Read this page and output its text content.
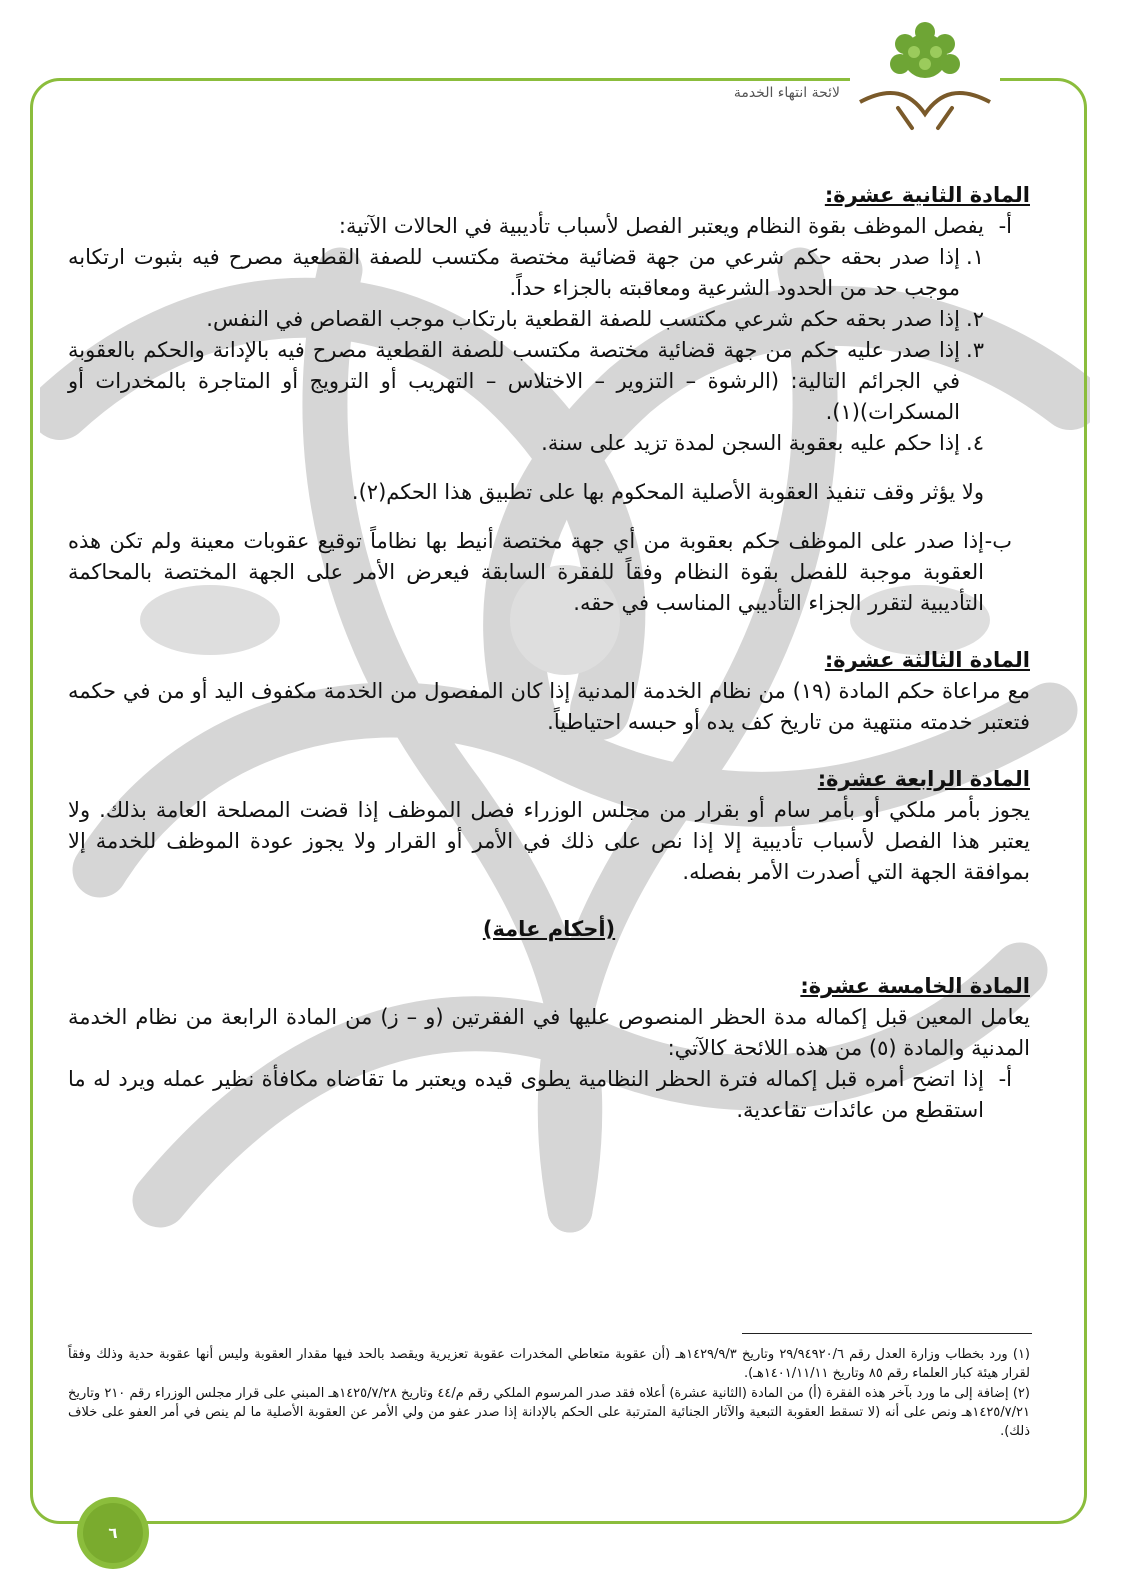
لائحة انتهاء الخدمة

المادة الثانية عشرة:

أ-

يفصل الموظف بقوة النظام ويعتبر الفصل لأسباب تأديبية في الحالات الآتية:

١.

إذا صدر بحقه حكم شرعي من جهة قضائية مختصة مكتسب للصفة القطعية مصرح فيه بثبوت ارتكابه موجب حد من الحدود الشرعية ومعاقبته بالجزاء حداً.

٢.

إذا صدر بحقه حكم شرعي مكتسب للصفة القطعية بارتكاب موجب القصاص في النفس.

٣.

إذا صدر عليه حكم من جهة قضائية مختصة مكتسب للصفة القطعية مصرح فيه بالإدانة والحكم بالعقوبة في الجرائم التالية: (الرشوة – التزوير – الاختلاس – التهريب أو الترويج أو المتاجرة بالمخدرات أو المسكرات)(١).

٤.

إذا حكم عليه بعقوبة السجن لمدة تزيد على سنة.

ولا يؤثر وقف تنفيذ العقوبة الأصلية المحكوم بها على تطبيق هذا الحكم(٢).

ب-

إذا صدر على الموظف حكم بعقوبة من أي جهة مختصة أنيط بها نظاماً توقيع عقوبات معينة ولم تكن هذه العقوبة موجبة للفصل بقوة النظام وفقاً للفقرة السابقة فيعرض الأمر على الجهة المختصة بالمحاكمة التأديبية لتقرر الجزاء التأديبي المناسب في حقه.

المادة الثالثة عشرة:

مع مراعاة حكم المادة (١٩) من نظام الخدمة المدنية إذا كان المفصول من الخدمة مكفوف اليد أو من في حكمه فتعتبر خدمته منتهية من تاريخ كف يده أو حبسه احتياطياً.

المادة الرابعة عشرة:

يجوز بأمر ملكي أو بأمر سام أو بقرار من مجلس الوزراء فصل الموظف إذا قضت المصلحة العامة بذلك. ولا يعتبر هذا الفصل لأسباب تأديبية إلا إذا نص على ذلك في الأمر أو القرار ولا يجوز عودة الموظف للخدمة إلا بموافقة الجهة التي أصدرت الأمر بفصله.

(أحكام عامة)

المادة الخامسة عشرة:

يعامل المعين قبل إكماله مدة الحظر المنصوص عليها في الفقرتين (و – ز) من المادة الرابعة من نظام الخدمة المدنية والمادة (٥) من هذه اللائحة كالآتي:

أ-

إذا اتضح أمره قبل إكماله فترة الحظر النظامية يطوى قيده ويعتبر ما تقاضاه مكافأة نظير عمله ويرد له ما استقطع من عائدات تقاعدية.

(١) ورد بخطاب وزارة العدل رقم ٢٩/٩٤٩٢٠/٦ وتاريخ ١٤٢٩/٩/٣هـ (أن عقوبة متعاطي المخدرات عقوبة تعزيرية ويقصد بالحد فيها مقدار العقوبة وليس أنها عقوبة حدية وذلك وفقاً لقرار هيئة كبار العلماء رقم ٨٥ وتاريخ ١٤٠١/١١/١١هـ).

(٢) إضافة إلى ما ورد بآخر هذه الفقرة (أ) من المادة (الثانية عشرة) أعلاه فقد صدر المرسوم الملكي رقم م/٤٤ وتاريخ ١٤٢٥/٧/٢٨هـ المبني على قرار مجلس الوزراء رقم ٢١٠ وتاريخ ١٤٢٥/٧/٢١هـ ونص على أنه (لا تسقط العقوبة التبعية والآثار الجنائية المترتبة على الحكم بالإدانة إذا صدر عفو من ولي الأمر عن العقوبة الأصلية ما لم ينص في أمر العفو على خلاف ذلك).

٦
